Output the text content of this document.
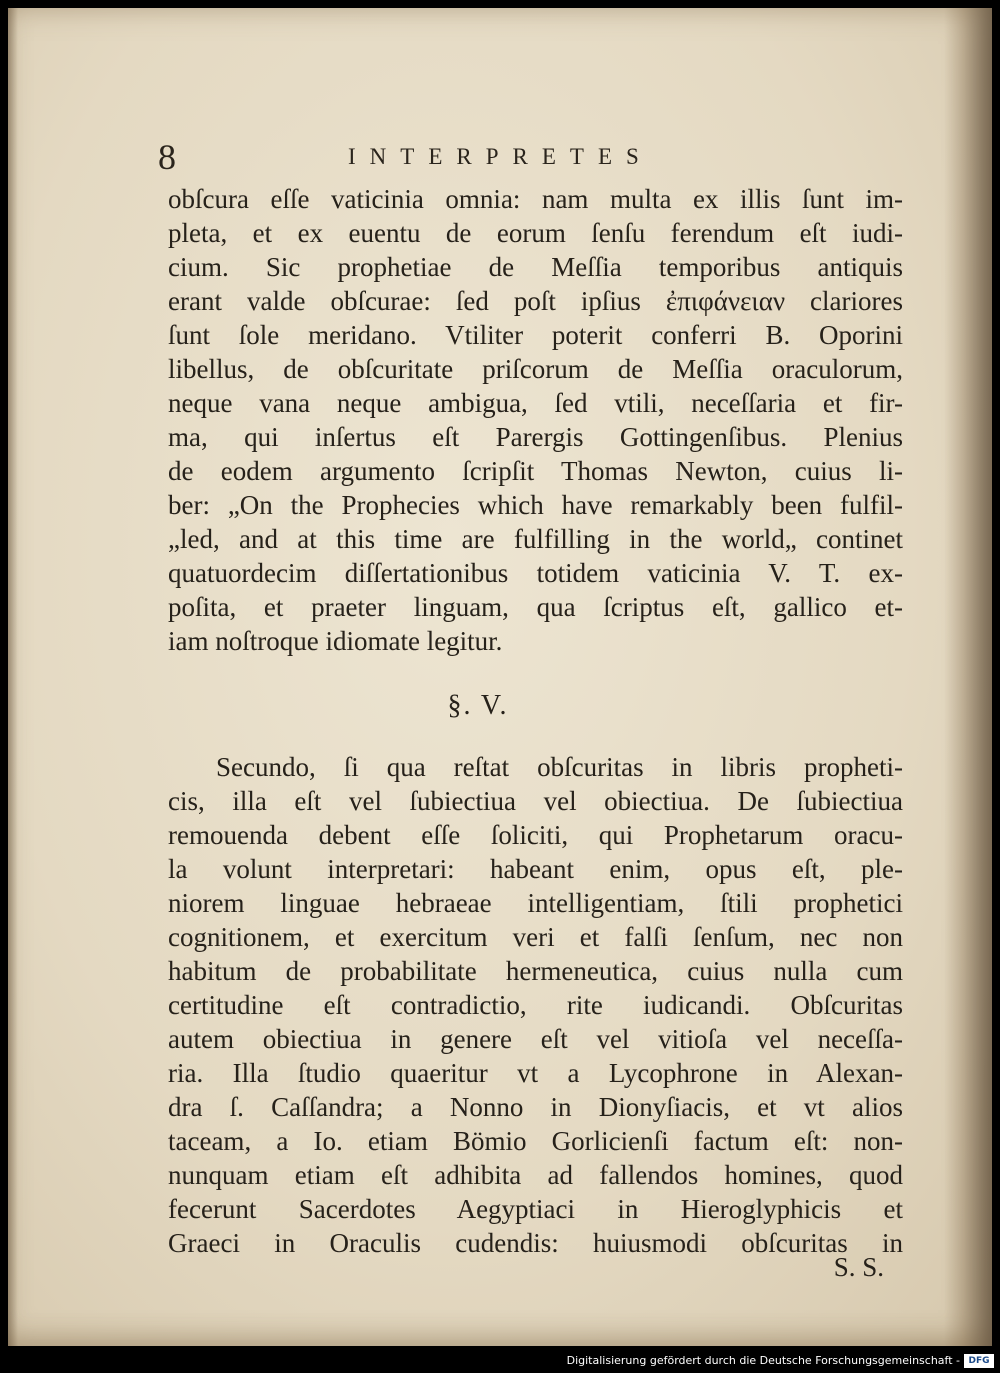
8	INTERPRETES
obſcura eſſe vaticinia omnia: nam multa ex illis ſunt im-
pleta, et ex euentu de eorum ſenſu ferendum eſt iudi-
cium. Sic prophetiae de Meſſia temporibus antiquis
erant valde obſcurae: ſed poſt ipſius ἐπιφάνειαν clariores
ſunt ſole meridano. Vtiliter poterit conferri B. Oporini
libellus, de obſcuritate priſcorum de Meſſia oraculorum,
neque vana neque ambigua, ſed vtili, neceſſaria et fir-
ma, qui inſertus eſt Parergis Gottingenſibus. Plenius
de eodem argumento ſcripſit Thomas Newton, cuius li-
ber: „On the Prophecies which have remarkably been fulfil-
„led, and at this time are fulfilling in the world„ continet
quatuordecim diſſertationibus totidem vaticinia V. T. ex-
poſita, et praeter linguam, qua ſcriptus eſt, gallico et-
iam noſtroque idiomate legitur.
§. V.
Secundo, ſi qua reſtat obſcuritas in libris propheti-
cis, illa eſt vel ſubiectiua vel obiectiua. De ſubiectiua
remouenda debent eſſe ſoliciti, qui Prophetarum oracu-
la volunt interpretari: habeant enim, opus eſt, ple-
niorem linguae hebraeae intelligentiam, ſtili prophetici
cognitionem, et exercitum veri et falſi ſenſum, nec non
habitum de probabilitate hermeneutica, cuius nulla cum
certitudine eſt contradictio, rite iudicandi. Obſcuritas
autem obiectiua in genere eſt vel vitioſa vel neceſſa-
ria. Illa ſtudio quaeritur vt a Lycophrone in Alexan-
dra ſ. Caſſandra; a Nonno in Dionyſiacis, et vt alios
taceam, a Io. etiam Bömio Gorlicienſi factum eſt: non-
nunquam etiam eſt adhibita ad fallendos homines, quod
fecerunt Sacerdotes Aegyptiaci in Hieroglyphicis et
Graeci in Oraculis cudendis: huiusmodi obſcuritas in
S. S.
Digitalisierung gefördert durch die Deutsche Forschungsgemeinschaft - DFG
